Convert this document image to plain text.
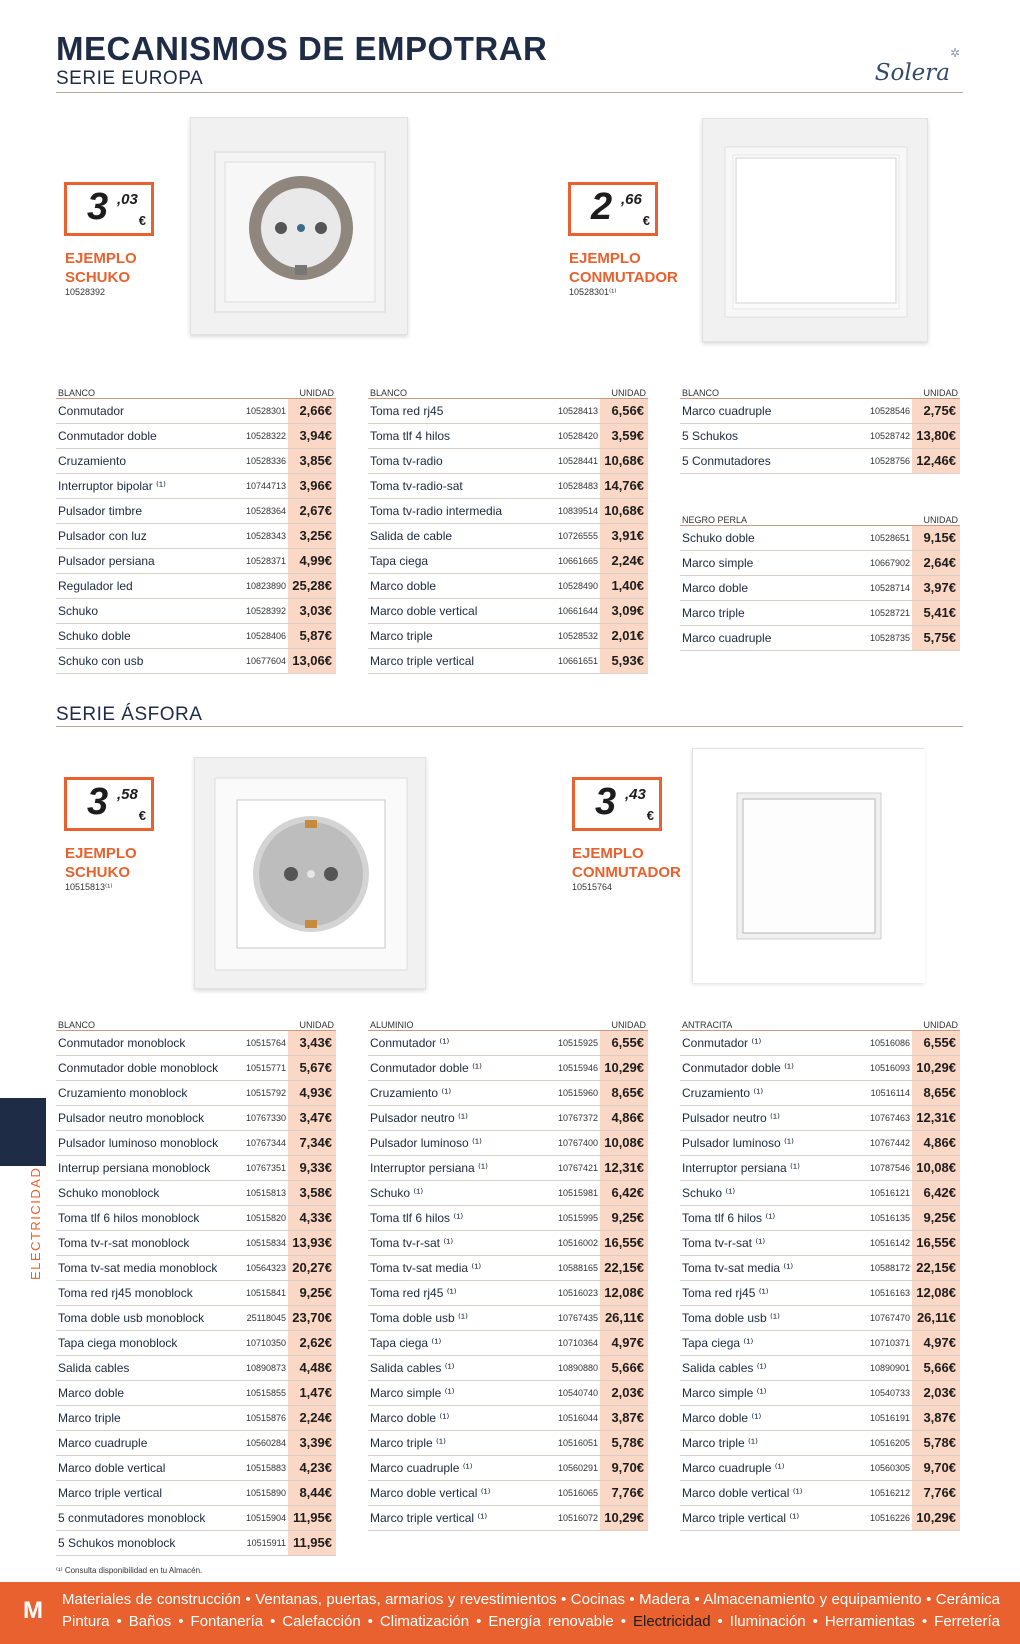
MECANISMOS DE EMPOTRAR
SERIE EUROPA
✲
Solera
3 ,03
€
EJEMPLO
SCHUKO
10528392
2 ,66
€
EJEMPLO
CONMUTADOR
10528301⁽¹⁾
BLANCO		UNIDAD
Conmutador	10528301	2,66€
Conmutador doble	10528322	3,94€
Cruzamiento	10528336	3,85€
Interruptor bipolar ⁽¹⁾	10744713	3,96€
Pulsador timbre	10528364	2,67€
Pulsador con luz	10528343	3,25€
Pulsador persiana	10528371	4,99€
Regulador led	10823890	25,28€
Schuko	10528392	3,03€
Schuko doble	10528406	5,87€
Schuko con usb	10677604	13,06€
BLANCO		UNIDAD
Toma red rj45	10528413	6,56€
Toma tlf 4 hilos	10528420	3,59€
Toma tv-radio	10528441	10,68€
Toma tv-radio-sat	10528483	14,76€
Toma tv-radio intermedia	10839514	10,68€
Salida de cable	10726555	3,91€
Tapa ciega	10661665	2,24€
Marco doble	10528490	1,40€
Marco doble vertical	10661644	3,09€
Marco triple	10528532	2,01€
Marco triple vertical	10661651	5,93€
BLANCO		UNIDAD
Marco cuadruple	10528546	2,75€
5 Schukos	10528742	13,80€
5 Conmutadores	10528756	12,46€
NEGRO PERLA		UNIDAD
Schuko doble	10528651	9,15€
Marco simple	10667902	2,64€
Marco doble	10528714	3,97€
Marco triple	10528721	5,41€
Marco cuadruple	10528735	5,75€
SERIE ÁSFORA
3 ,58
€
EJEMPLO
SCHUKO
10515813⁽¹⁾
3 ,43
€
EJEMPLO
CONMUTADOR
10515764
BLANCO		UNIDAD
Conmutador monoblock	10515764	3,43€
Conmutador doble monoblock	10515771	5,67€
Cruzamiento monoblock	10515792	4,93€
Pulsador neutro monoblock	10767330	3,47€
Pulsador luminoso monoblock	10767344	7,34€
Interrup persiana monoblock	10767351	9,33€
Schuko monoblock	10515813	3,58€
Toma tlf 6 hilos monoblock	10515820	4,33€
Toma tv-r-sat monoblock	10515834	13,93€
Toma tv-sat media monoblock	10564323	20,27€
Toma red rj45 monoblock	10515841	9,25€
Toma doble usb monoblock	25118045	23,70€
Tapa ciega monoblock	10710350	2,62€
Salida cables	10890873	4,48€
Marco doble	10515855	1,47€
Marco triple	10515876	2,24€
Marco cuadruple	10560284	3,39€
Marco doble vertical	10515883	4,23€
Marco triple vertical	10515890	8,44€
5 conmutadores monoblock	10515904	11,95€
5 Schukos monoblock	10515911	11,95€
ALUMINIO		UNIDAD
Conmutador ⁽¹⁾	10515925	6,55€
Conmutador doble ⁽¹⁾	10515946	10,29€
Cruzamiento ⁽¹⁾	10515960	8,65€
Pulsador neutro ⁽¹⁾	10767372	4,86€
Pulsador luminoso ⁽¹⁾	10767400	10,08€
Interruptor persiana ⁽¹⁾	10767421	12,31€
Schuko ⁽¹⁾	10515981	6,42€
Toma tlf 6 hilos ⁽¹⁾	10515995	9,25€
Toma tv-r-sat ⁽¹⁾	10516002	16,55€
Toma tv-sat media ⁽¹⁾	10588165	22,15€
Toma red rj45 ⁽¹⁾	10516023	12,08€
Toma doble usb ⁽¹⁾	10767435	26,11€
Tapa ciega ⁽¹⁾	10710364	4,97€
Salida cables ⁽¹⁾	10890880	5,66€
Marco simple ⁽¹⁾	10540740	2,03€
Marco doble ⁽¹⁾	10516044	3,87€
Marco triple ⁽¹⁾	10516051	5,78€
Marco cuadruple ⁽¹⁾	10560291	9,70€
Marco doble vertical ⁽¹⁾	10516065	7,76€
Marco triple vertical ⁽¹⁾	10516072	10,29€
ANTRACITA		UNIDAD
Conmutador ⁽¹⁾	10516086	6,55€
Conmutador doble ⁽¹⁾	10516093	10,29€
Cruzamiento ⁽¹⁾	10516114	8,65€
Pulsador neutro ⁽¹⁾	10767463	12,31€
Pulsador luminoso ⁽¹⁾	10767442	4,86€
Interruptor persiana ⁽¹⁾	10787546	10,08€
Schuko ⁽¹⁾	10516121	6,42€
Toma tlf 6 hilos ⁽¹⁾	10516135	9,25€
Toma tv-r-sat ⁽¹⁾	10516142	16,55€
Toma tv-sat media ⁽¹⁾	10588172	22,15€
Toma red rj45 ⁽¹⁾	10516163	12,08€
Toma doble usb ⁽¹⁾	10767470	26,11€
Tapa ciega ⁽¹⁾	10710371	4,97€
Salida cables ⁽¹⁾	10890901	5,66€
Marco simple ⁽¹⁾	10540733	2,03€
Marco doble ⁽¹⁾	10516191	3,87€
Marco triple ⁽¹⁾	10516205	5,78€
Marco cuadruple ⁽¹⁾	10560305	9,70€
Marco doble vertical ⁽¹⁾	10516212	7,76€
Marco triple vertical ⁽¹⁾	10516226	10,29€
ELECTRICIDAD
⁽¹⁾ Consulta disponibilidad en tu Almacén.
M	Materiales de construcción • Ventanas, puertas, armarios y revestimientos • Cocinas • Madera • Almacenamiento y equipamiento • Cerámica
Pintura • Baños • Fontanería • Calefacción • Climatización • Energía renovable • Electricidad • Iluminación • Herramientas • Ferretería
